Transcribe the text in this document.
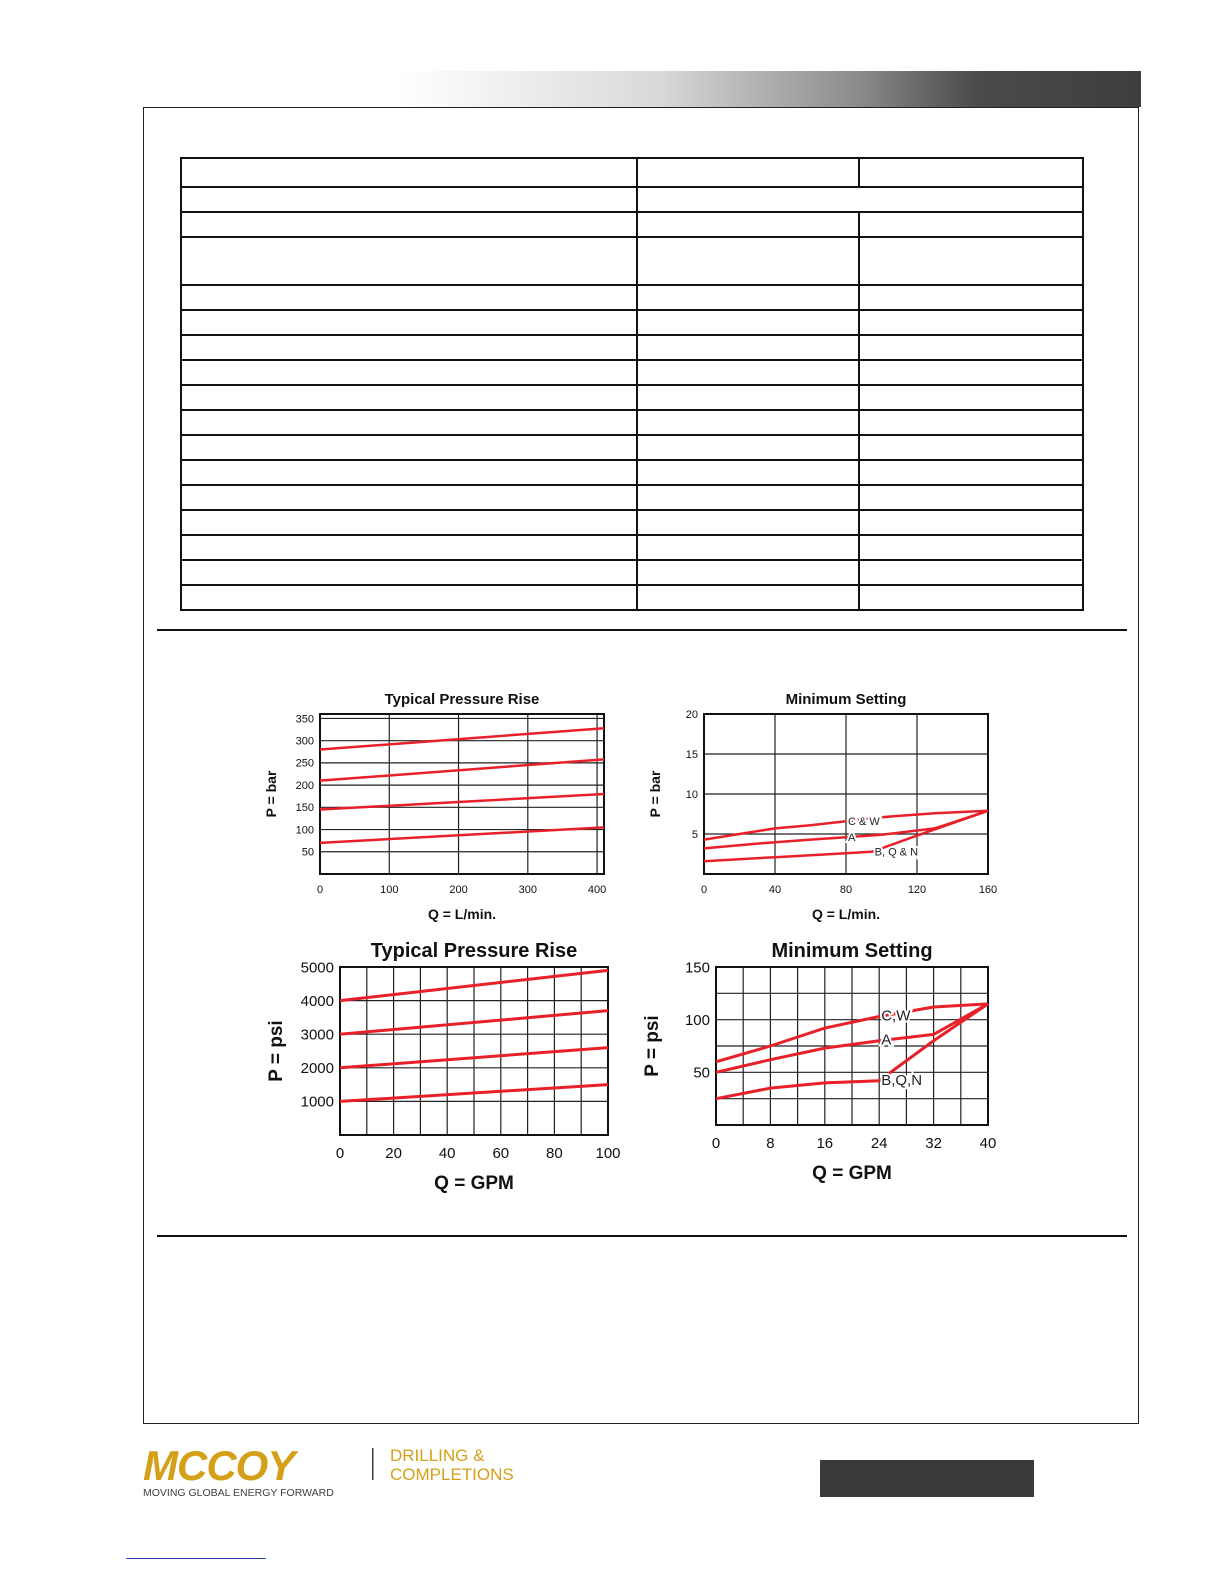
0	100	200	300	400
350
300
250
200
150
100
50
Typical Pressure Rise
Q = L/min.
P = bar
C & W
A
B, Q & N
0	40	80	120	160
20
15
10
5
Minimum Setting
Q = L/min.
P = bar
0	20 40 60 80 100
5000
4000
3000
2000
1000
Typical Pressure Rise
Q = GPM
P = psi
C,W
A
B,Q,N
0	8	16	24	32	40
150
100
50
Minimum Setting
Q = GPM
P = psi
MCCOY
MOVING GLOBAL ENERGY FORWARD
DRILLING &
COMPLETIONS
